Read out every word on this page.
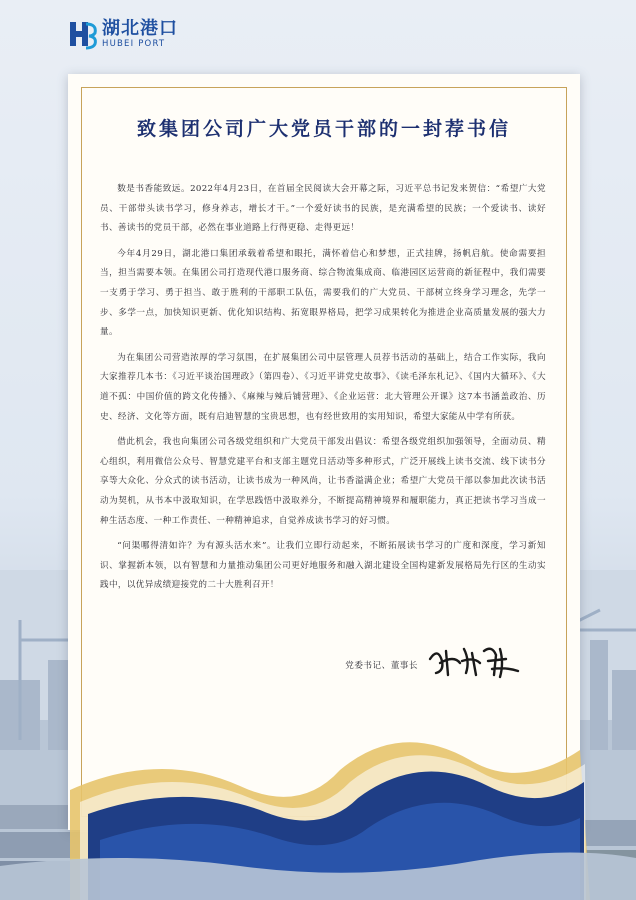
湖北港口
HUBEI PORT
致集团公司广大党员干部的一封荐书信

数是书香能致远。2022年4月23日，在首届全民阅读大会开幕之际，习近平总书记发来贺信：“希望广大党员、干部带头读书学习，修身养志，增长才干。”一个爱好读书的民族，是充满希望的民族；一个爱读书、读好书、善读书的党员干部，必然在事业道路上行得更稳、走得更远！

今年4月29日，湖北港口集团承载着希望和眼托，满怀着信心和梦想，正式挂牌，扬帆启航。使命需要担当，担当需要本领。在集团公司打造现代港口服务商、综合物流集成商、临港园区运营商的新征程中，我们需要一支勇于学习、勇于担当、敢于胜利的干部职工队伍，需要我们的广大党员、干部树立终身学习理念，先学一步、多学一点，加快知识更新、优化知识结构、拓宽眼界格局，把学习成果转化为推进企业高质量发展的强大力量。

为在集团公司营造浓厚的学习氛围，在扩展集团公司中层管理人员荐书活动的基础上，结合工作实际，我向大家推荐几本书：《习近平谈治国理政》（第四卷）、《习近平讲党史故事》、《读毛泽东札记》、《国内大循环》、《大道不孤：中国价值的跨文化传播》、《麻辣与辣后铺营理》、《企业运营：北大管理公开课》这7本书涵盖政治、历史、经济、文化等方面，既有启迪智慧的宝贵思想，也有经世致用的实用知识，希望大家能从中学有所获。

借此机会，我也向集团公司各级党组织和广大党员干部发出倡议：希望各级党组织加强领导，全面动员、精心组织，利用微信公众号、智慧党建平台和支部主题党日活动等多种形式，广泛开展线上读书交流、线下读书分享等大众化、分众式的读书活动，让读书成为一种风尚，让书香溢满企业；希望广大党员干部以参加此次读书活动为契机，从书本中汲取知识，在学思践悟中汲取养分，不断提高精神境界和履职能力，真正把读书学习当成一种生活态度、一种工作责任、一种精神追求，自觉养成读书学习的好习惯。

“问渠哪得清如许？为有源头活水来”。让我们立即行动起来，不断拓展读书学习的广度和深度，学习新知识、掌握新本领，以有智慧和力量推动集团公司更好地服务和融入湖北建设全国构建新发展格局先行区的生动实践中，以优异成绩迎接党的二十大胜利召开！

党委书记、董事长
